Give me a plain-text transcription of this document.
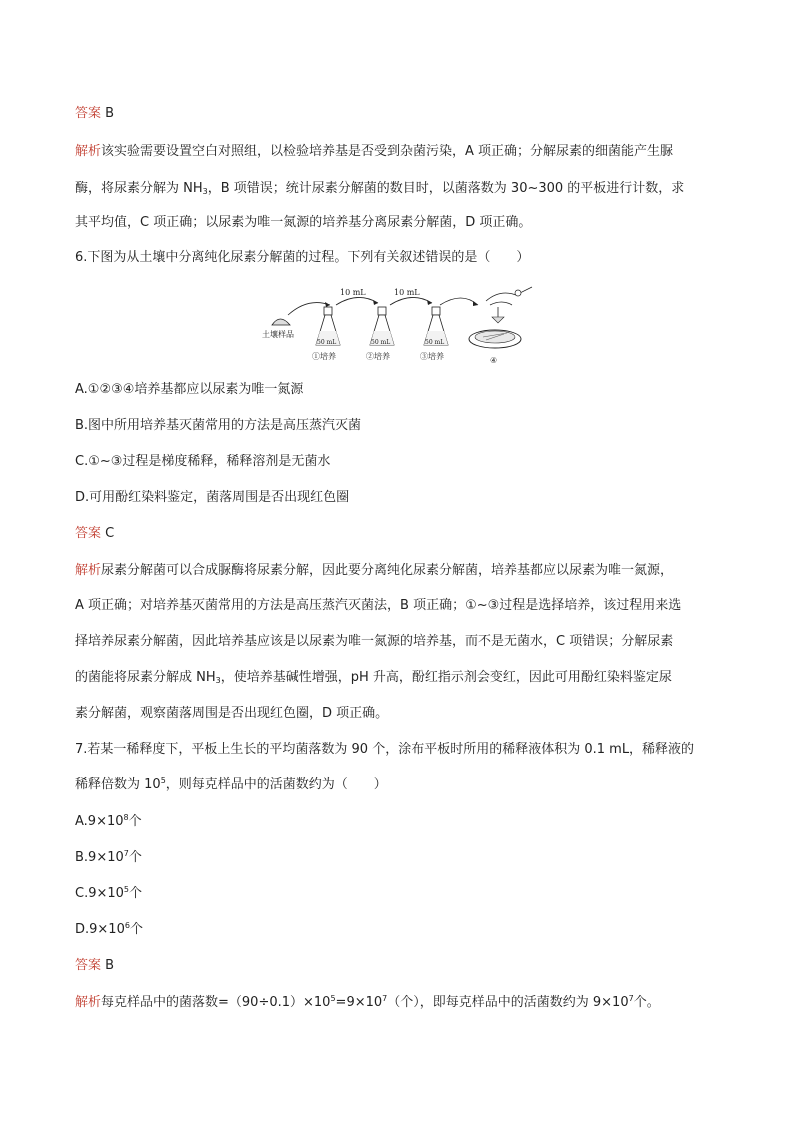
答案 B
解析该实验需要设置空白对照组，以检验培养基是否受到杂菌污染，A 项正确；分解尿素的细菌能产生脲
酶，将尿素分解为 $NH_3$，B 项错误；统计尿素分解菌的数目时，以菌落数为 30~300 的平板进行计数，求
其平均值，C 项正确；以尿素为唯一氮源的培养基分离尿素分解菌，D 项正确。
6.下图为从土壤中分离纯化尿素分解菌的过程。下列有关叙述错误的是（　　）
土壤样品
10 mL	10 mL
50 mL
①培养
50 mL
②培养
50 mL
③培养	④
A.①②③④培养基都应以尿素为唯一氮源
B.图中所用培养基灭菌常用的方法是高压蒸汽灭菌
C.①~③过程是梯度稀释，稀释溶剂是无菌水
D.可用酚红染料鉴定，菌落周围是否出现红色圈
答案 C
解析尿素分解菌可以合成脲酶将尿素分解，因此要分离纯化尿素分解菌，培养基都应以尿素为唯一氮源，
A 项正确；对培养基灭菌常用的方法是高压蒸汽灭菌法，B 项正确；①~③过程是选择培养，该过程用来选
择培养尿素分解菌，因此培养基应该是以尿素为唯一氮源的培养基，而不是无菌水，C 项错误；分解尿素
的菌能将尿素分解成 $NH_3$，使培养基碱性增强，pH 升高，酚红指示剂会变红，因此可用酚红染料鉴定尿
素分解菌，观察菌落周围是否出现红色圈，D 项正确。
7.若某一稀释度下，平板上生长的平均菌落数为 90 个，涂布平板时所用的稀释液体积为 0.1 mL，稀释液的
稀释倍数为 $10^5$，则每克样品中的活菌数约为（　　）
$A.9\times 10^8$个
$B.9\times 10^7$个
$C.9\times 10^5$个
$D.9\times 10^6$个
答案 B
解析每克样品中的菌落数$=(90\div 0.1)\times 10^5=9\times 10^7$（个），即每克样品中的活菌数约为 $9\times 10^7$个。
